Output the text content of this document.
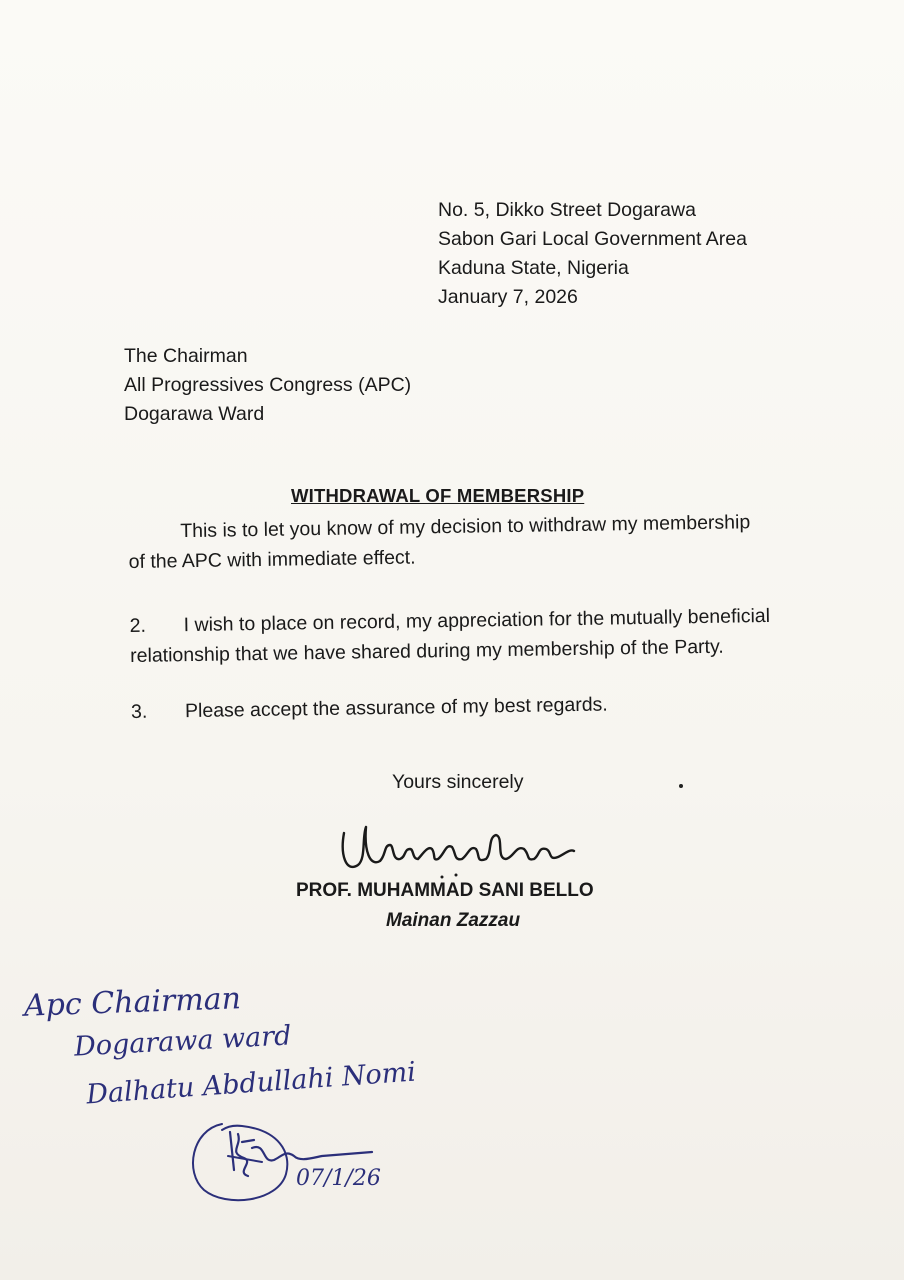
No. 5, Dikko Street Dogarawa
Sabon Gari Local Government Area
Kaduna State, Nigeria
January 7, 2026
The Chairman
All Progressives Congress (APC)
Dogarawa Ward
WITHDRAWAL OF MEMBERSHIP

This is to let you know of my decision to withdraw my membership
of the APC with immediate effect.

2. I wish to place on record, my appreciation for the mutually beneficial
relationship that we have shared during my membership of the Party.

3. Please accept the assurance of my best regards.

Yours sincerely
Uhu D U Bello
PROF. MUHAMMAD SANI BELLO
Mainan Zazzau
Apc Chairman
Dogarawa ward
Dalhatu Abdullahi Nomi
07/1/26
